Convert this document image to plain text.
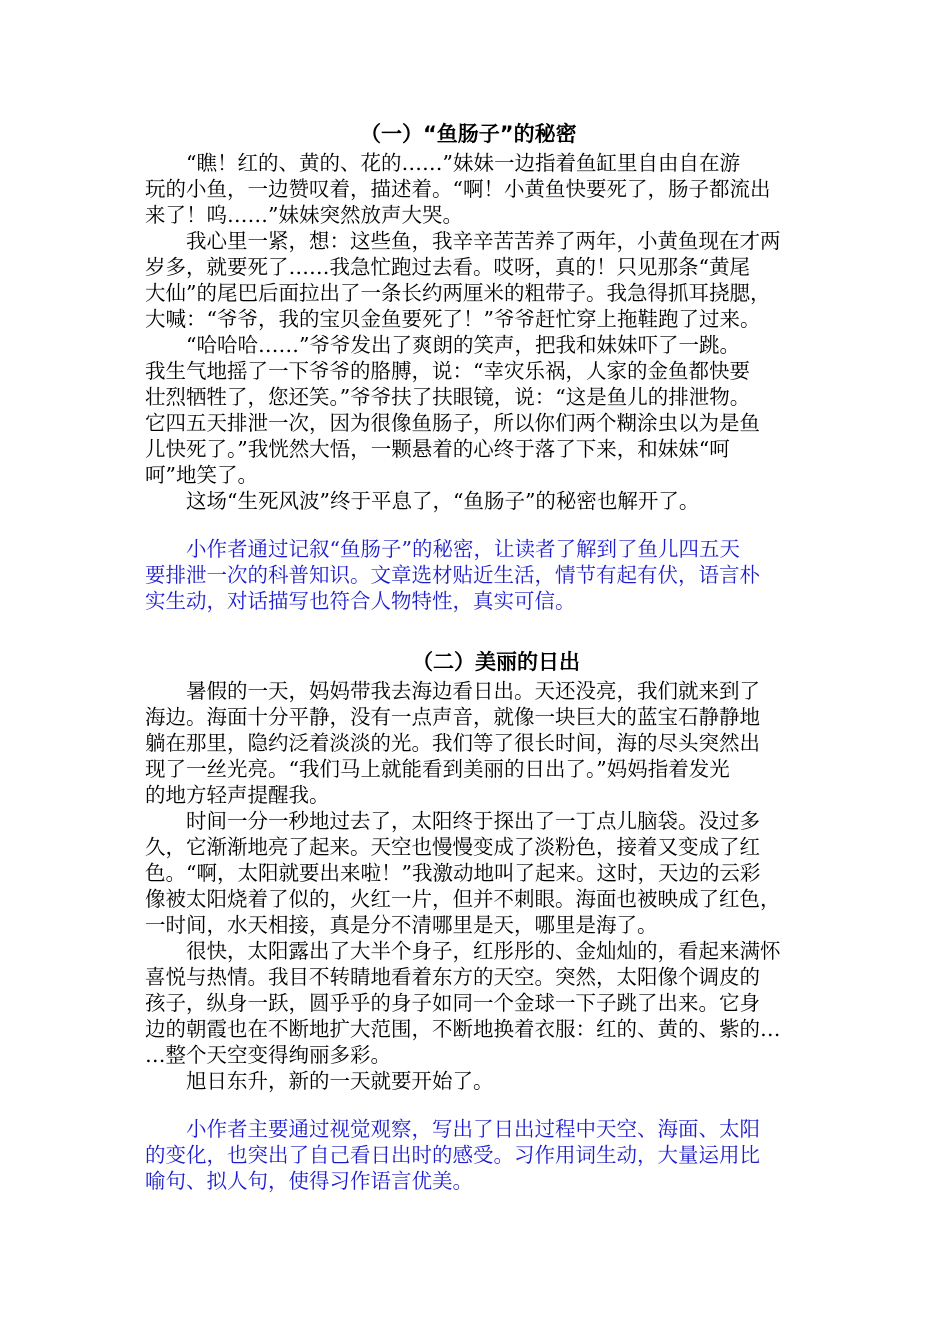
（一）“鱼肠子”的秘密
　　“瞧！红的、黄的、花的……”妹妹一边指着鱼缸里自由自在游
玩的小鱼，一边赞叹着，描述着。“啊！小黄鱼快要死了，肠子都流出
来了！呜……”妹妹突然放声大哭。
　　我心里一紧，想：这些鱼，我辛辛苦苦养了两年，小黄鱼现在才两
岁多，就要死了……我急忙跑过去看。哎呀，真的！只见那条“黄尾
大仙”的尾巴后面拉出了一条长约两厘米的粗带子。我急得抓耳挠腮，
大喊：“爷爷，我的宝贝金鱼要死了！”爷爷赶忙穿上拖鞋跑了过来。
　　“哈哈哈……”爷爷发出了爽朗的笑声，把我和妹妹吓了一跳。
我生气地摇了一下爷爷的胳膊，说：“幸灾乐祸，人家的金鱼都快要
壮烈牺牲了，您还笑。”爷爷扶了扶眼镜，说：“这是鱼儿的排泄物。
它四五天排泄一次，因为很像鱼肠子，所以你们两个糊涂虫以为是鱼
儿快死了。”我恍然大悟，一颗悬着的心终于落了下来，和妹妹“呵
呵”地笑了。
　　这场“生死风波”终于平息了，“鱼肠子”的秘密也解开了。
　　小作者通过记叙“鱼肠子”的秘密，让读者了解到了鱼儿四五天
要排泄一次的科普知识。文章选材贴近生活，情节有起有伏，语言朴
实生动，对话描写也符合人物特性，真实可信。
（二）美丽的日出
　　暑假的一天，妈妈带我去海边看日出。天还没亮，我们就来到了
海边。海面十分平静，没有一点声音，就像一块巨大的蓝宝石静静地
躺在那里，隐约泛着淡淡的光。我们等了很长时间，海的尽头突然出
现了一丝光亮。“我们马上就能看到美丽的日出了。”妈妈指着发光
的地方轻声提醒我。
　　时间一分一秒地过去了，太阳终于探出了一丁点儿脑袋。没过多
久，它渐渐地亮了起来。天空也慢慢变成了淡粉色，接着又变成了红
色。“啊，太阳就要出来啦！”我激动地叫了起来。这时，天边的云彩
像被太阳烧着了似的，火红一片，但并不刺眼。海面也被映成了红色，
一时间，水天相接，真是分不清哪里是天，哪里是海了。
　　很快，太阳露出了大半个身子，红彤彤的、金灿灿的，看起来满怀
喜悦与热情。我目不转睛地看着东方的天空。突然，太阳像个调皮的
孩子，纵身一跃，圆乎乎的身子如同一个金球一下子跳了出来。它身
边的朝霞也在不断地扩大范围，不断地换着衣服：红的、黄的、紫的…
…整个天空变得绚丽多彩。
　　旭日东升，新的一天就要开始了。
　　小作者主要通过视觉观察，写出了日出过程中天空、海面、太阳
的变化，也突出了自己看日出时的感受。习作用词生动，大量运用比
喻句、拟人句，使得习作语言优美。
